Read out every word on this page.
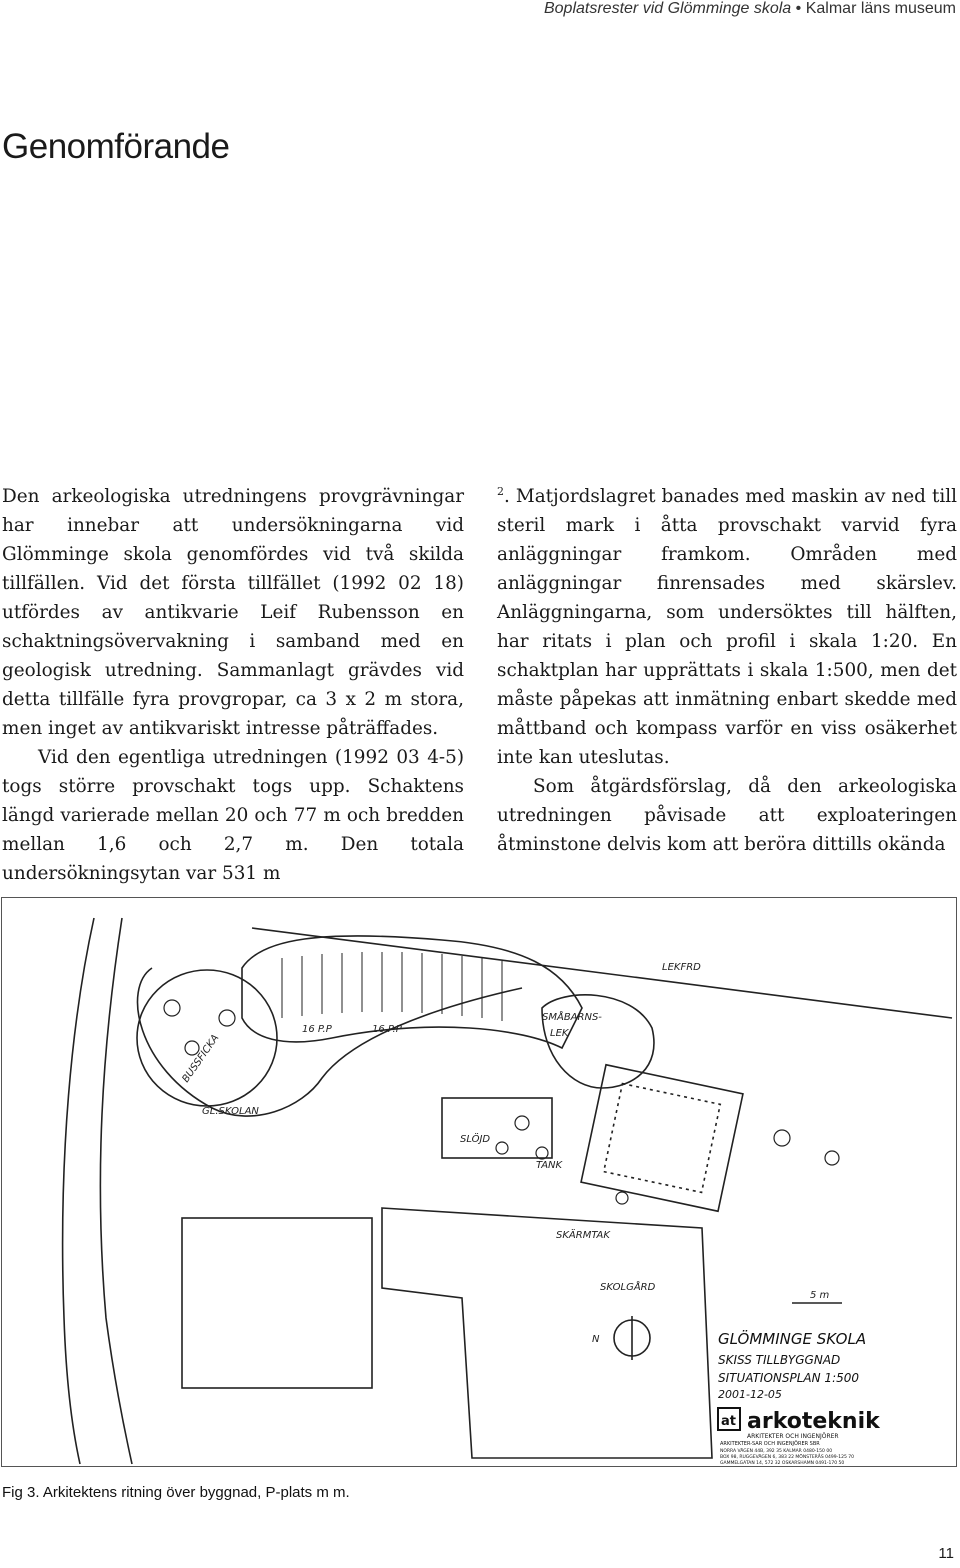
Boplatsrester vid Glömminge skola • Kalmar läns museum
Genomförande

Den arkeologiska utredningens provgrävningar har innebar att undersökningarna vid Glömminge skola genomfördes vid två skilda tillfällen. Vid det första tillfället (1992 02 18) utfördes av antikvarie Leif Rubensson en schaktningsövervakning i samband med en geologisk utredning. Sammanlagt grävdes vid detta tillfälle fyra provgropar, ca 3 x 2 m stora, men inget av antikvariskt intresse påträffades.

Vid den egentliga utredningen (1992 03 4-5) togs större provschakt togs upp. Schaktens längd varierade mellan 20 och 77 m och bredden mellan 1,6 och 2,7 m. Den totala undersökningsytan var 531 m

$^2$. Matjordslagret banades med maskin av ned till steril mark i åtta provschakt varvid fyra anläggningar framkom. Områden med anläggningar finrensades med skärslev. Anläggningarna, som undersöktes till hälften, har ritats i plan och profil i skala 1:20. En schaktplan har upprättats i skala 1:500, men det måste påpekas att inmätning enbart skedde med måttband och kompass varför en viss osäkerhet inte kan uteslutas.

Som åtgärdsförslag, då den arkeologiska utredningen påvisade att exploateringen åtminstone delvis kom att beröra dittills okända

LEKFRD
SMÅBARNS-
LEK
16 P.P	16 P.P
BUSSFICKA
GL.SKOLAN
SLÖJD
TANK
SKÄRMTAK
SKOLGÅRD
5 m
N	GLÖMMINGE SKOLA
SKISS TILLBYGGNAD
SITUATIONSPLAN 1:500
2001-12-05
at arkoteknik
ARKITEKTER OCH INGENJÖRER
ARKITEKTER-SAR OCH INGENJÖRER SBR
NORRA VÄGEN 44B, 392 35 KALMAR 0480-150 00
BOX 98, RUGGEVÄGEN 6, 383 22 MÖNSTERÅS 0499-125 70
GAMMELGATAN 14, 572 32 OSKARSHAMN 0491-170 50
Fig 3. Arkitektens ritning över byggnad, P-plats m m.
11
